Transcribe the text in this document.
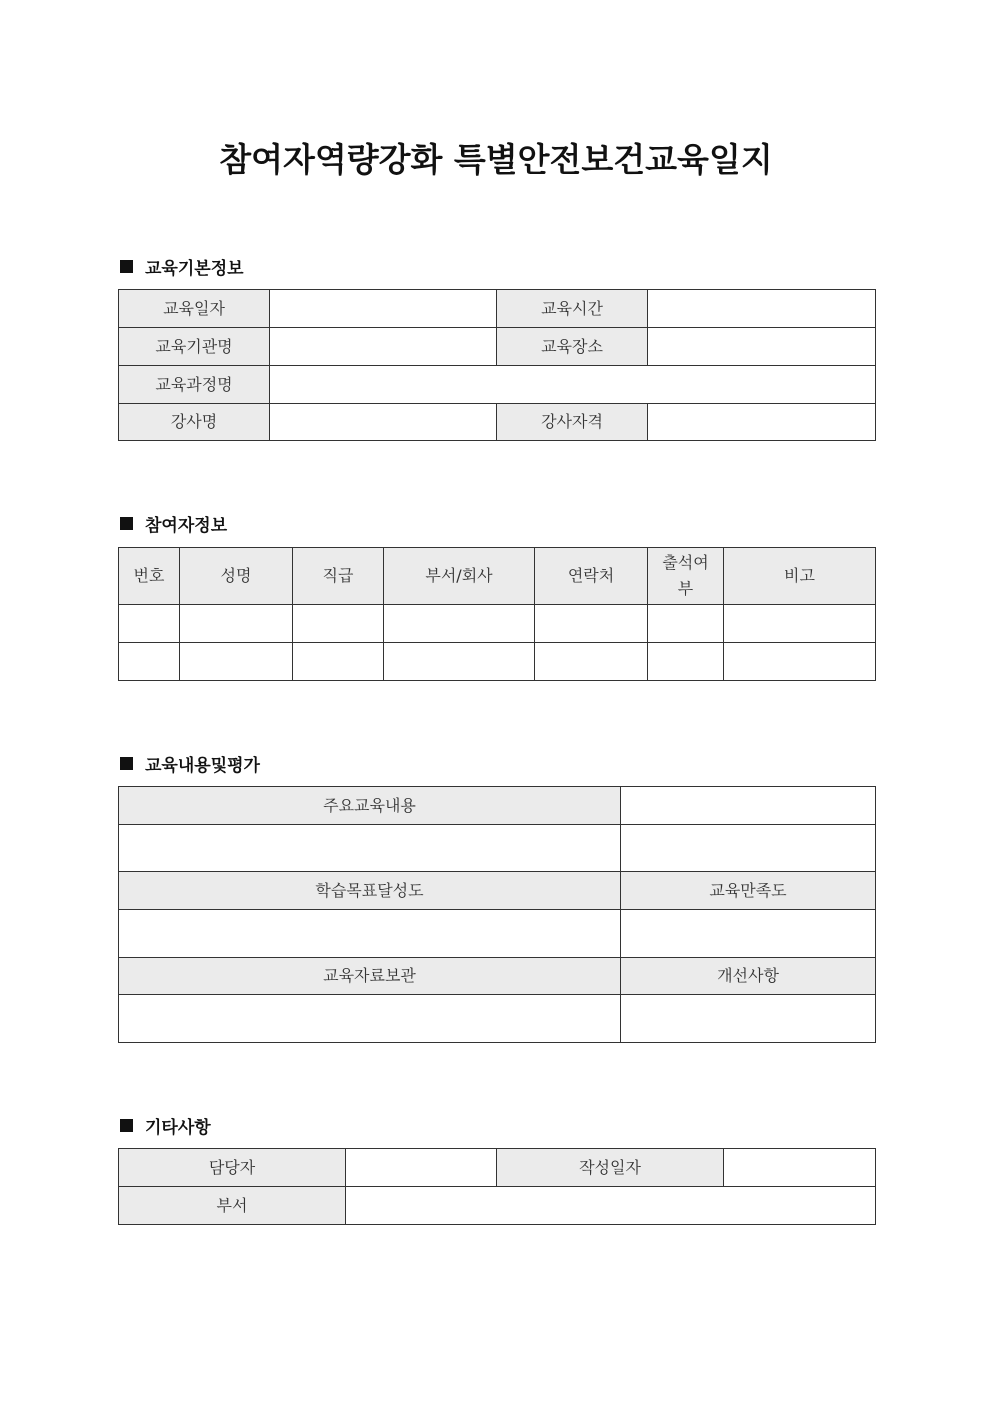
참여자역량강화 특별안전보건교육일지
교육기본정보
교육일자		교육시간	
교육기관명		교육장소	
교육과정명			
강사명		강사자격	
참여자정보
번호	성명	직급	부서/회사	연락처	출석여부	비고

교육내용및평가
주요교육내용	

학습목표달성도	교육만족도

교육자료보관	개선사항

기타사항
담당자		작성일자	
부서			
